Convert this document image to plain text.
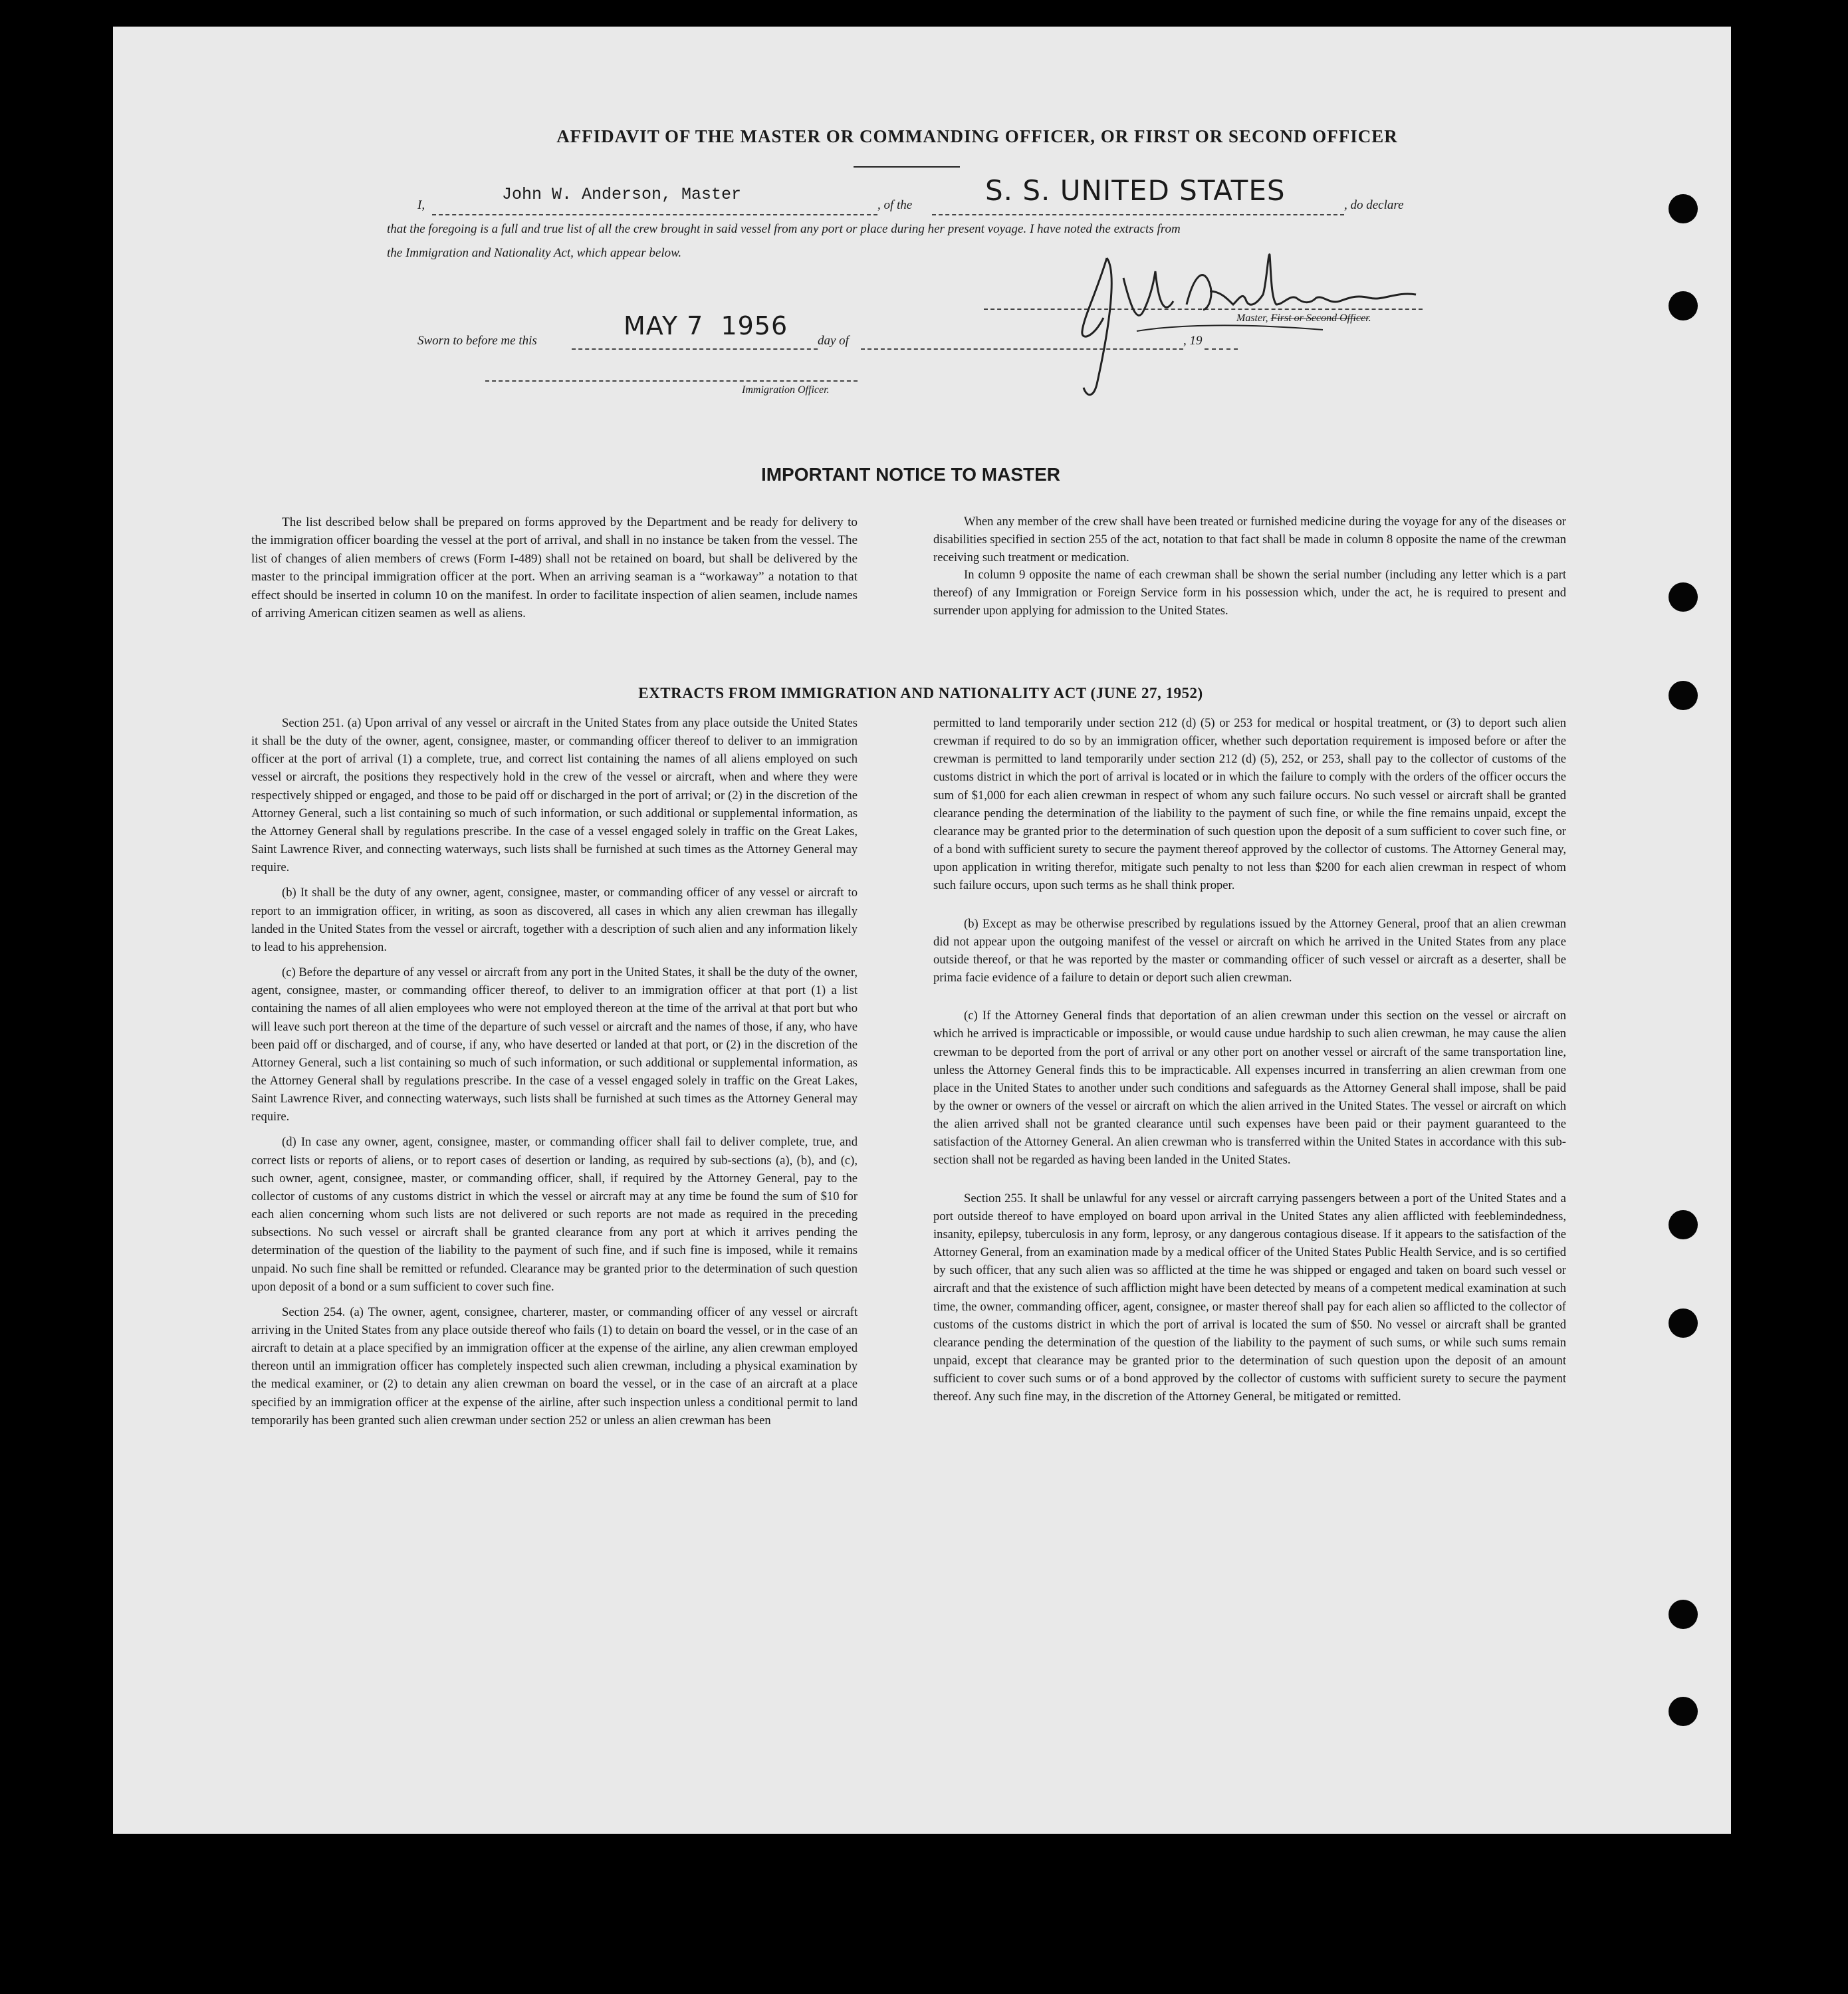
AFFIDAVIT OF THE MASTER OR COMMANDING OFFICER, OR FIRST OR SECOND OFFICER
I,
John W. Anderson, Master
, of the	S. S. UNITED STATES	, do declare
that the foregoing is a full and true list of all the crew brought in said vessel from any port or place during her present voyage. I have noted the extracts from
the Immigration and Nationality Act, which appear below.
Master, First or Second Officer.
Sworn to before me this
MAY 7  1956
day of	, 19
Immigration Officer.
IMPORTANT NOTICE TO MASTER

The list described below shall be prepared on forms approved by the Department and be ready for delivery to the immigration officer boarding the vessel at the port of arrival, and shall in no instance be taken from the vessel. The list of changes of alien members of crews (Form I-489) shall not be retained on board, but shall be delivered by the master to the principal immigration officer at the port. When an arriving seaman is a “workaway” a notation to that effect should be inserted in column 10 on the manifest. In order to facilitate inspection of alien seamen, include names of arriving American citizen seamen as well as aliens.

When any member of the crew shall have been treated or furnished medicine during the voyage for any of the diseases or disabilities specified in section 255 of the act, notation to that fact shall be made in column 8 opposite the name of the crewman receiving such treatment or medication.

In column 9 opposite the name of each crewman shall be shown the serial number (including any letter which is a part thereof) of any Immigration or Foreign Service form in his possession which, under the act, he is required to present and surrender upon applying for admission to the United States.

EXTRACTS FROM IMMIGRATION AND NATIONALITY ACT (JUNE 27, 1952)

Section 251. (a) Upon arrival of any vessel or aircraft in the United States from any place outside the United States it shall be the duty of the owner, agent, consignee, master, or commanding officer thereof to deliver to an immigration officer at the port of arrival (1) a complete, true, and correct list containing the names of all aliens employed on such vessel or aircraft, the positions they respectively hold in the crew of the vessel or aircraft, when and where they were respectively shipped or engaged, and those to be paid off or discharged in the port of arrival; or (2) in the discretion of the Attorney General, such a list containing so much of such information, or such additional or supplemental information, as the Attorney General shall by regulations prescribe. In the case of a vessel engaged solely in traffic on the Great Lakes, Saint Lawrence River, and connecting waterways, such lists shall be furnished at such times as the Attorney General may require.

(b) It shall be the duty of any owner, agent, consignee, master, or commanding officer of any vessel or aircraft to report to an immigration officer, in writing, as soon as discovered, all cases in which any alien crewman has illegally landed in the United States from the vessel or aircraft, together with a description of such alien and any information likely to lead to his apprehension.

(c) Before the departure of any vessel or aircraft from any port in the United States, it shall be the duty of the owner, agent, consignee, master, or commanding officer thereof, to deliver to an immigration officer at that port (1) a list containing the names of all alien employees who were not employed thereon at the time of the arrival at that port but who will leave such port thereon at the time of the departure of such vessel or aircraft and the names of those, if any, who have been paid off or discharged, and of course, if any, who have deserted or landed at that port, or (2) in the discretion of the Attorney General, such a list containing so much of such information, or such additional or supplemental information, as the Attorney General shall by regulations prescribe. In the case of a vessel engaged solely in traffic on the Great Lakes, Saint Lawrence River, and connecting waterways, such lists shall be furnished at such times as the Attorney General may require.

(d) In case any owner, agent, consignee, master, or commanding officer shall fail to deliver complete, true, and correct lists or reports of aliens, or to report cases of desertion or landing, as required by sub-sections (a), (b), and (c), such owner, agent, consignee, master, or commanding officer, shall, if required by the Attorney General, pay to the collector of customs of any customs district in which the vessel or aircraft may at any time be found the sum of $10 for each alien concerning whom such lists are not delivered or such reports are not made as required in the preceding subsections. No such vessel or aircraft shall be granted clearance from any port at which it arrives pending the determination of the question of the liability to the payment of such fine, and if such fine is imposed, while it remains unpaid. No such fine shall be remitted or refunded. Clearance may be granted prior to the determination of such question upon deposit of a bond or a sum sufficient to cover such fine.

Section 254. (a) The owner, agent, consignee, charterer, master, or commanding officer of any vessel or aircraft arriving in the United States from any place outside thereof who fails (1) to detain on board the vessel, or in the case of an aircraft to detain at a place specified by an immigration officer at the expense of the airline, any alien crewman employed thereon until an immigration officer has completely inspected such alien crewman, including a physical examination by the medical examiner, or (2) to detain any alien crewman on board the vessel, or in the case of an aircraft at a place specified by an immigration officer at the expense of the airline, after such inspection unless a conditional permit to land temporarily has been granted such alien crewman under section 252 or unless an alien crewman has been

permitted to land temporarily under section 212 (d) (5) or 253 for medical or hospital treatment, or (3) to deport such alien crewman if required to do so by an immigration officer, whether such deportation requirement is imposed before or after the crewman is permitted to land temporarily under section 212 (d) (5), 252, or 253, shall pay to the collector of customs of the customs district in which the port of arrival is located or in which the failure to comply with the orders of the officer occurs the sum of $1,000 for each alien crewman in respect of whom any such failure occurs. No such vessel or aircraft shall be granted clearance pending the determination of the liability to the payment of such fine, or while the fine remains unpaid, except the clearance may be granted prior to the determination of such question upon the deposit of a sum sufficient to cover such fine, or of a bond with sufficient surety to secure the payment thereof approved by the collector of customs. The Attorney General may, upon application in writing therefor, mitigate such penalty to not less than $200 for each alien crewman in respect of whom such failure occurs, upon such terms as he shall think proper.

(b) Except as may be otherwise prescribed by regulations issued by the Attorney General, proof that an alien crewman did not appear upon the outgoing manifest of the vessel or aircraft on which he arrived in the United States from any place outside thereof, or that he was reported by the master or commanding officer of such vessel or aircraft as a deserter, shall be prima facie evidence of a failure to detain or deport such alien crewman.

(c) If the Attorney General finds that deportation of an alien crewman under this section on the vessel or aircraft on which he arrived is impracticable or impossible, or would cause undue hardship to such alien crewman, he may cause the alien crewman to be deported from the port of arrival or any other port on another vessel or aircraft of the same transportation line, unless the Attorney General finds this to be impracticable. All expenses incurred in transferring an alien crewman from one place in the United States to another under such conditions and safeguards as the Attorney General shall impose, shall be paid by the owner or owners of the vessel or aircraft on which the alien arrived in the United States. The vessel or aircraft on which the alien arrived shall not be granted clearance until such expenses have been paid or their payment guaranteed to the satisfaction of the Attorney General. An alien crewman who is transferred within the United States in accordance with this sub-section shall not be regarded as having been landed in the United States.

Section 255. It shall be unlawful for any vessel or aircraft carrying passengers between a port of the United States and a port outside thereof to have employed on board upon arrival in the United States any alien afflicted with feeblemindedness, insanity, epilepsy, tuberculosis in any form, leprosy, or any dangerous contagious disease. If it appears to the satisfaction of the Attorney General, from an examination made by a medical officer of the United States Public Health Service, and is so certified by such officer, that any such alien was so afflicted at the time he was shipped or engaged and taken on board such vessel or aircraft and that the existence of such affliction might have been detected by means of a competent medical examination at such time, the owner, commanding officer, agent, consignee, or master thereof shall pay for each alien so afflicted to the collector of customs of the customs district in which the port of arrival is located the sum of $50. No vessel or aircraft shall be granted clearance pending the determination of the question of the liability to the payment of such sums, or while such sums remain unpaid, except that clearance may be granted prior to the determination of such question upon the deposit of an amount sufficient to cover such sums or of a bond approved by the collector of customs with sufficient surety to secure the payment thereof. Any such fine may, in the discretion of the Attorney General, be mitigated or remitted.
